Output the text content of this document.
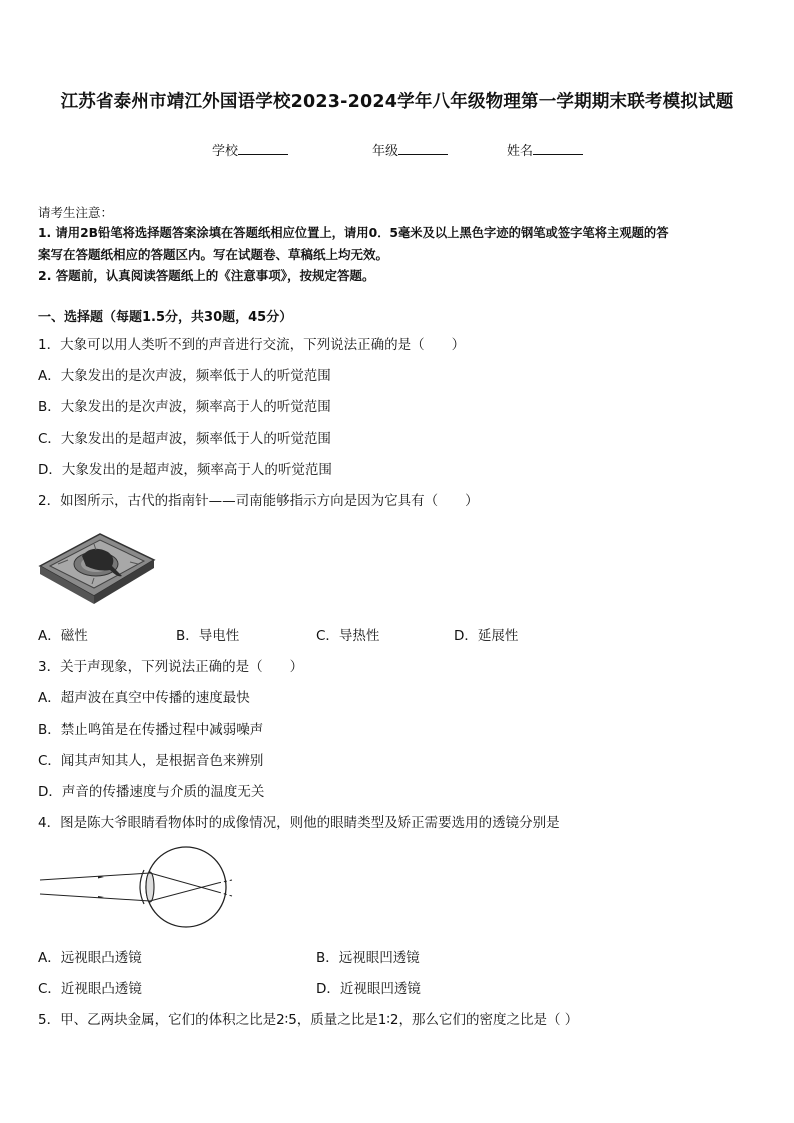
江苏省泰州市靖江外国语学校2023-2024学年八年级物理第一学期期末联考模拟试题
学校	年级	姓名
请考生注意：
1. 请用2B铅笔将选择题答案涂填在答题纸相应位置上，请用0．5毫米及以上黑色字迹的钢笔或签字笔将主观题的答
案写在答题纸相应的答题区内。写在试题卷、草稿纸上均无效。
2. 答题前，认真阅读答题纸上的《注意事项》，按规定答题。
一、选择题（每题1.5分，共30题，45分）
1．大象可以用人类听不到的声音进行交流，下列说法正确的是（　　）
A．大象发出的是次声波，频率低于人的听觉范围
B．大象发出的是次声波，频率高于人的听觉范围
C．大象发出的是超声波，频率低于人的听觉范围
D．大象发出的是超声波，频率高于人的听觉范围
2．如图所示，古代的指南针——司南能够指示方向是因为它具有（　　）
A．磁性	B．导电性	C．导热性	D．延展性
3．关于声现象，下列说法正确的是（　　）
A．超声波在真空中传播的速度最快
B．禁止鸣笛是在传播过程中减弱噪声
C．闻其声知其人，是根据音色来辨别
D．声音的传播速度与介质的温度无关
4．图是陈大爷眼睛看物体时的成像情况，则他的眼睛类型及矫正需要选用的透镜分别是
A．远视眼凸透镜	B．远视眼凹透镜
C．近视眼凸透镜	D．近视眼凹透镜
5．甲、乙两块金属，它们的体积之比是2∶5，质量之比是1∶2，那么它们的密度之比是（ ）
